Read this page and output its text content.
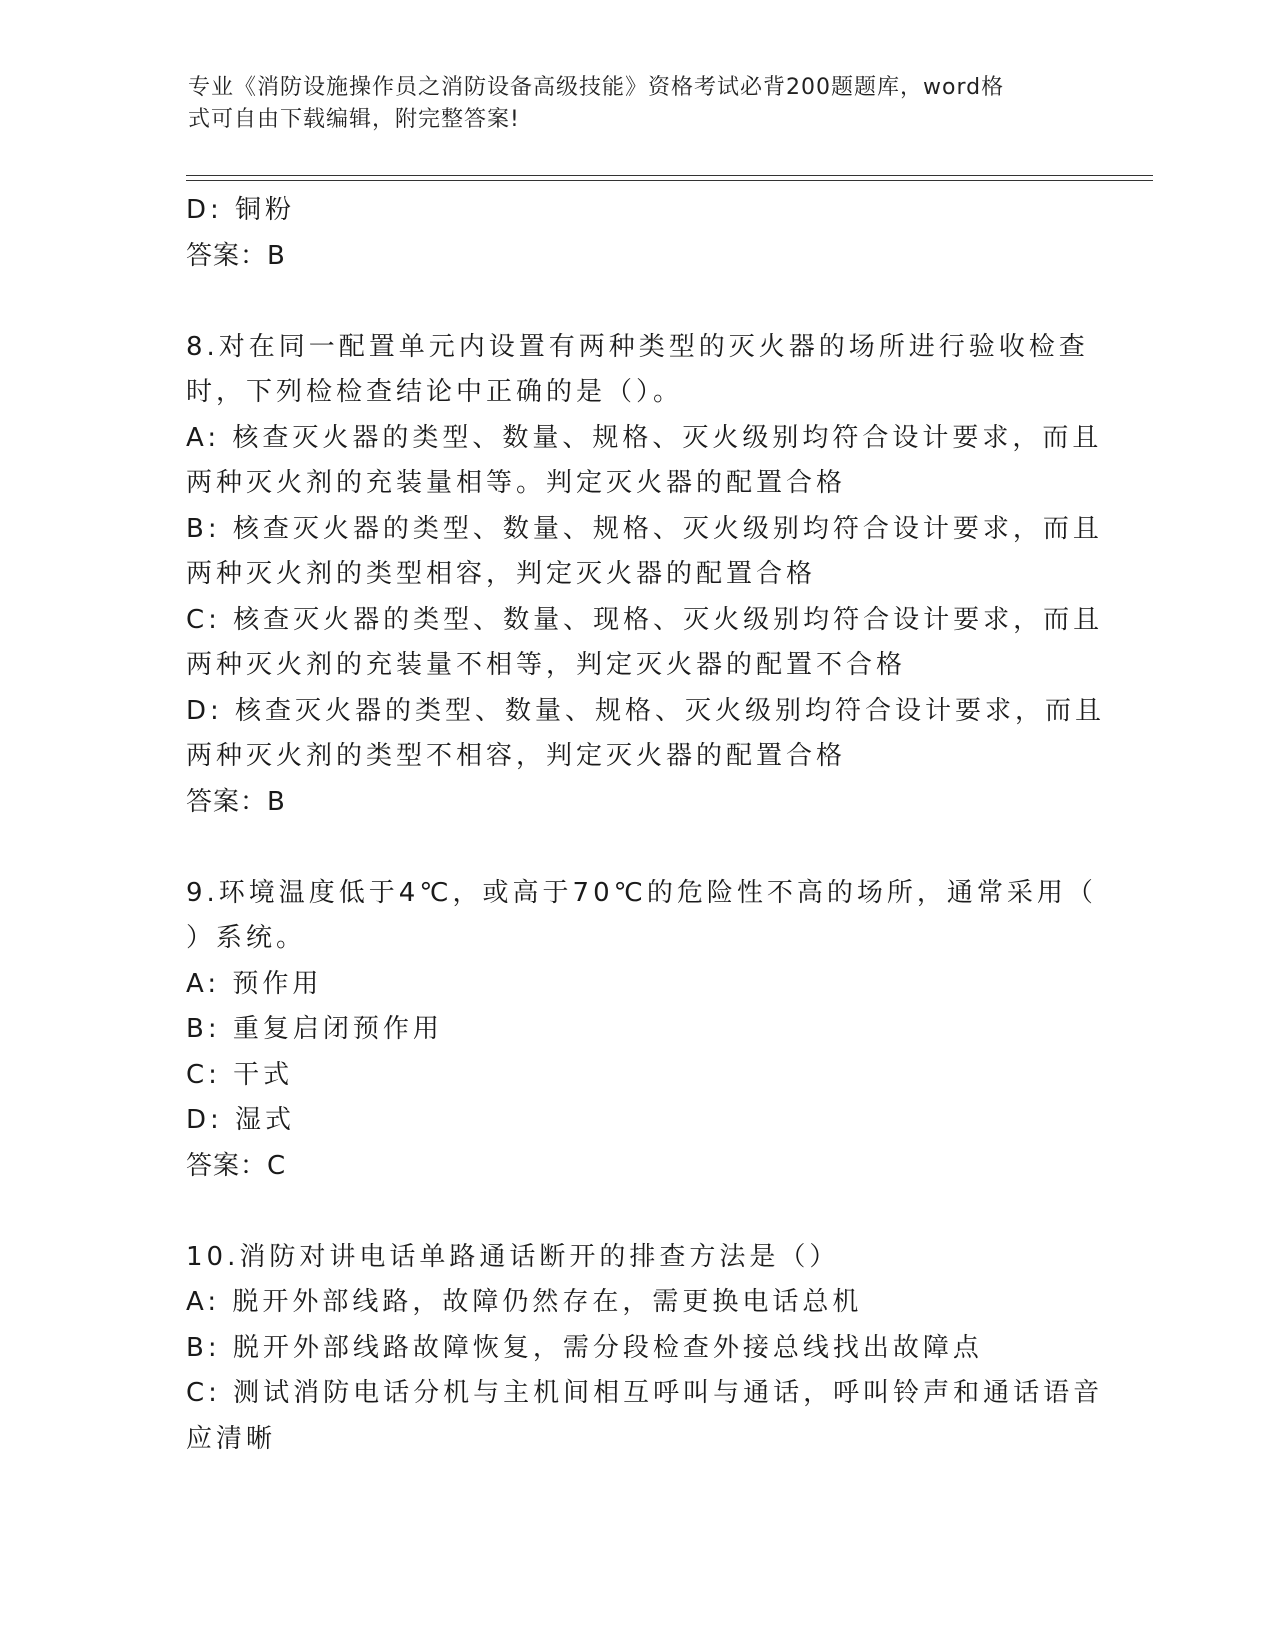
专业《消防设施操作员之消防设备高级技能》资格考试必背200题题库，word格
式可自由下载编辑，附完整答案!
D: 铜粉
答案：B
8.对在同一配置单元内设置有两种类型的灭火器的场所进行验收检查
时，下列检检查结论中正确的是（）。
A: 核查灭火器的类型、数量、规格、灭火级别均符合设计要求，而且
两种灭火剂的充装量相等。判定灭火器的配置合格
B: 核查灭火器的类型、数量、规格、灭火级别均符合设计要求，而且
两种灭火剂的类型相容，判定灭火器的配置合格
C: 核查灭火器的类型、数量、现格、灭火级别均符合设计要求，而且
两种灭火剂的充装量不相等，判定灭火器的配置不合格
D: 核查灭火器的类型、数量、规格、灭火级别均符合设计要求，而且
两种灭火剂的类型不相容，判定灭火器的配置合格
答案：B
9.环境温度低于4℃，或高于70℃的危险性不高的场所，通常采用（
）系统。
A: 预作用
B: 重复启闭预作用
C: 干式
D: 湿式
答案：C
10.消防对讲电话单路通话断开的排查方法是（）
A: 脱开外部线路，故障仍然存在，需更换电话总机
B: 脱开外部线路故障恢复，需分段检查外接总线找出故障点
C: 测试消防电话分机与主机间相互呼叫与通话，呼叫铃声和通话语音
应清晰
